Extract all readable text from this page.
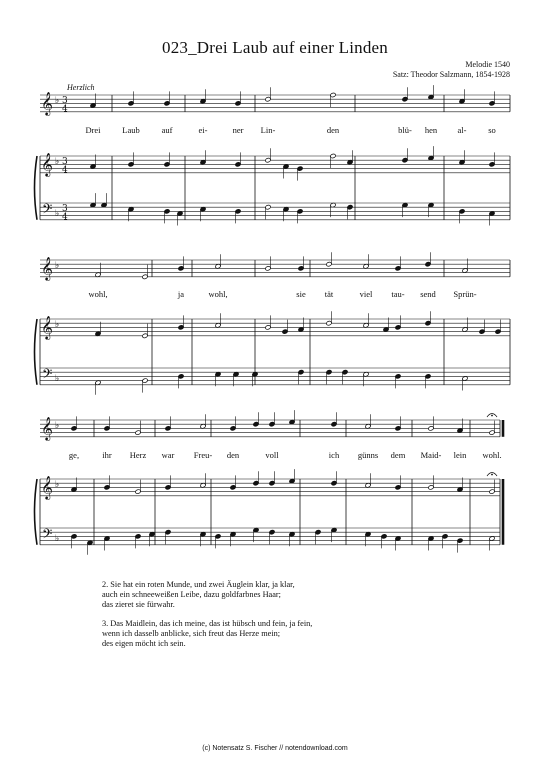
023_Drei Laub auf einer Linden
Melodie 1540
Satz: Theodor Salzmann, 1854-1928
Herzlich
𝄞
𝄞
𝄢
♭
♭
♭
3
4
3
4
3
4
𝄞
𝄞
𝄢
♭
♭
♭
𝄞
𝄞
𝄢
♭
♭
♭
Drei	Laub	auf	ei-	ner Lin-	den	blü- hen al-	so
wohl,	ja	wohl,	sie tät	viel tau- send Sprün-
ge,	ihr Herz war Freu- den	voll	ich günns dem Maid- lein wohl.

2. Sie hat ein roten Munde, und zwei Äuglein klar, ja klar,
auch ein schneeweißen Leibe, dazu goldfarbnes Haar;
das zieret sie fürwahr.

3. Das Maidlein, das ich meine, das ist hübsch und fein, ja fein,
wenn ich dasselb anblicke, sich freut das Herze mein;
des eigen möcht ich sein.

(c) Notensatz S. Fischer // notendownload.com
